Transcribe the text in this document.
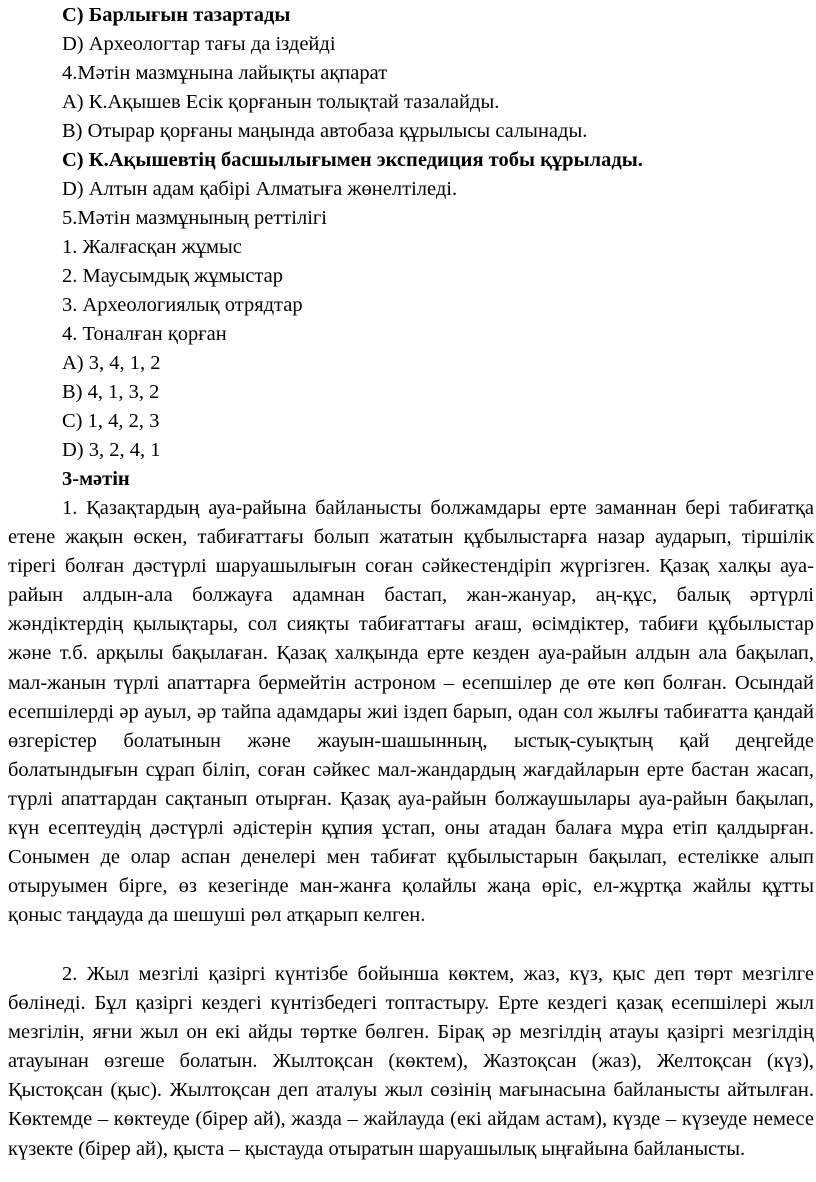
C) Барлығын тазартады
D) Археологтар тағы да іздейді
4.Мәтін мазмұнына лайықты ақпарат
А) К.Ақышев Есік қорғанын толықтай тазалайды.
В) Отырар қорғаны маңында автобаза құрылысы салынады.
С) К.Ақышевтің басшылығымен экспедиция тобы құрылады.
D) Алтын адам қабірі Алматыға жөнелтіледі.
5.Мәтін мазмұнының реттілігі
1. Жалғасқан жұмыс
2. Маусымдық жұмыстар
3. Археологиялық отрядтар
4. Тоналған қорған
А) 3, 4, 1, 2
В) 4, 1, 3, 2
С) 1, 4, 2, 3
D) 3, 2, 4, 1
3-мәтін

1. Қазақтардың ауа-райына байланысты болжамдары ерте заманнан бері табиғатқа етене жақын өскен, табиғаттағы болып жататын құбылыстарға назар аударып, тіршілік тірегі болған дәстүрлі шаруашылығын соған сәйкестендіріп жүргізген. Қазақ халқы ауа-райын алдын-ала болжауға адамнан бастап, жан-жануар, аң-құс, балық әртүрлі жәндіктердің қылықтары, сол сияқты табиғаттағы ағаш, өсімдіктер, табиғи құбылыстар және т.б. арқылы бақылаған. Қазақ халқында ерте кезден ауа-райын алдын ала бақылап, мал-жанын түрлі апаттарға бермейтін астроном – есепшілер де өте көп болған. Осындай есепшілерді әр ауыл, әр тайпа адамдары жиі іздеп барып, одан сол жылғы табиғатта қандай өзгерістер болатынын және жауын-шашынның, ыстық-суықтың қай деңгейде болатындығын сұрап біліп, соған сәйкес мал-жандардың жағдайларын ерте бастан жасап, түрлі апаттардан сақтанып отырған. Қазақ ауа-райын болжаушылары ауа-райын бақылап, күн есептеудің дәстүрлі әдістерін құпия ұстап, оны атадан балаға мұра етіп қалдырған. Сонымен де олар аспан денелері мен табиғат құбылыстарын бақылап, естелікке алып отыруымен бірге, өз кезегінде ман-жанға қолайлы жаңа өріс, ел-жұртқа жайлы құтты қоныс таңдауда да шешуші рөл атқарып келген.

2. Жыл мезгілі қазіргі күнтізбе бойынша көктем, жаз, күз, қыс деп төрт мезгілге бөлінеді. Бұл қазіргі кездегі күнтізбедегі топтастыру. Ерте кездегі қазақ есепшілері жыл мезгілін, яғни жыл он екі айды төртке бөлген. Бірақ әр мезгілдің атауы қазіргі мезгілдің атауынан өзгеше болатын. Жылтоқсан (көктем), Жазтоқсан (жаз), Желтоқсан (күз), Қыстоқсан (қыс). Жылтоқсан деп аталуы жыл сөзінің мағынасына байланысты айтылған. Көктемде – көктеуде (бірер ай), жазда – жайлауда (екі айдам астам), күзде – күзеуде немесе күзекте (бірер ай), қыста – қыстауда отыратын шаруашылық ыңғайына байланысты.
